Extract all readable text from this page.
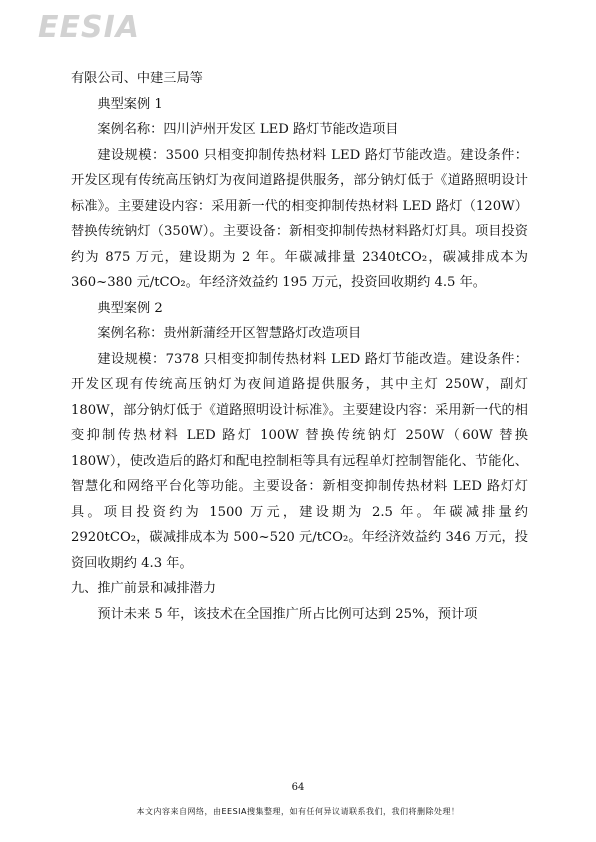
EESIA

有限公司、中建三局等

典型案例 1

案例名称：四川泸州开发区 LED 路灯节能改造项目

建设规模：3500 只相变抑制传热材料 LED 路灯节能改造。建设条件：开发区现有传统高压钠灯为夜间道路提供服务，部分钠灯低于《道路照明设计标准》。主要建设内容：采用新一代的相变抑制传热材料 LED 路灯（120W）替换传统钠灯（350W）。主要设备：新相变抑制传热材料路灯灯具。项目投资约为 875 万元，建设期为 2 年。年碳减排量 2340tCO₂，碳减排成本为 360~380 元/tCO₂。年经济效益约 195 万元，投资回收期约 4.5 年。

典型案例 2

案例名称：贵州新蒲经开区智慧路灯改造项目

建设规模：7378 只相变抑制传热材料 LED 路灯节能改造。建设条件：开发区现有传统高压钠灯为夜间道路提供服务，其中主灯 250W，副灯 180W，部分钠灯低于《道路照明设计标准》。主要建设内容：采用新一代的相变抑制传热材料 LED 路灯 100W 替换传统钠灯 250W（60W 替换 180W），使改造后的路灯和配电控制柜等具有远程单灯控制智能化、节能化、智慧化和网络平台化等功能。主要设备：新相变抑制传热材料 LED 路灯灯具。项目投资约为 1500 万元，建设期为 2.5 年。年碳减排量约 2920tCO₂，碳减排成本为 500~520 元/tCO₂。年经济效益约 346 万元，投资回收期约 4.3 年。

九、推广前景和减排潜力

预计未来 5 年，该技术在全国推广所占比例可达到 25%，预计项

64
本文内容来自网络，由EESIA搜集整理，如有任何异议请联系我们，我们将删除处理！
